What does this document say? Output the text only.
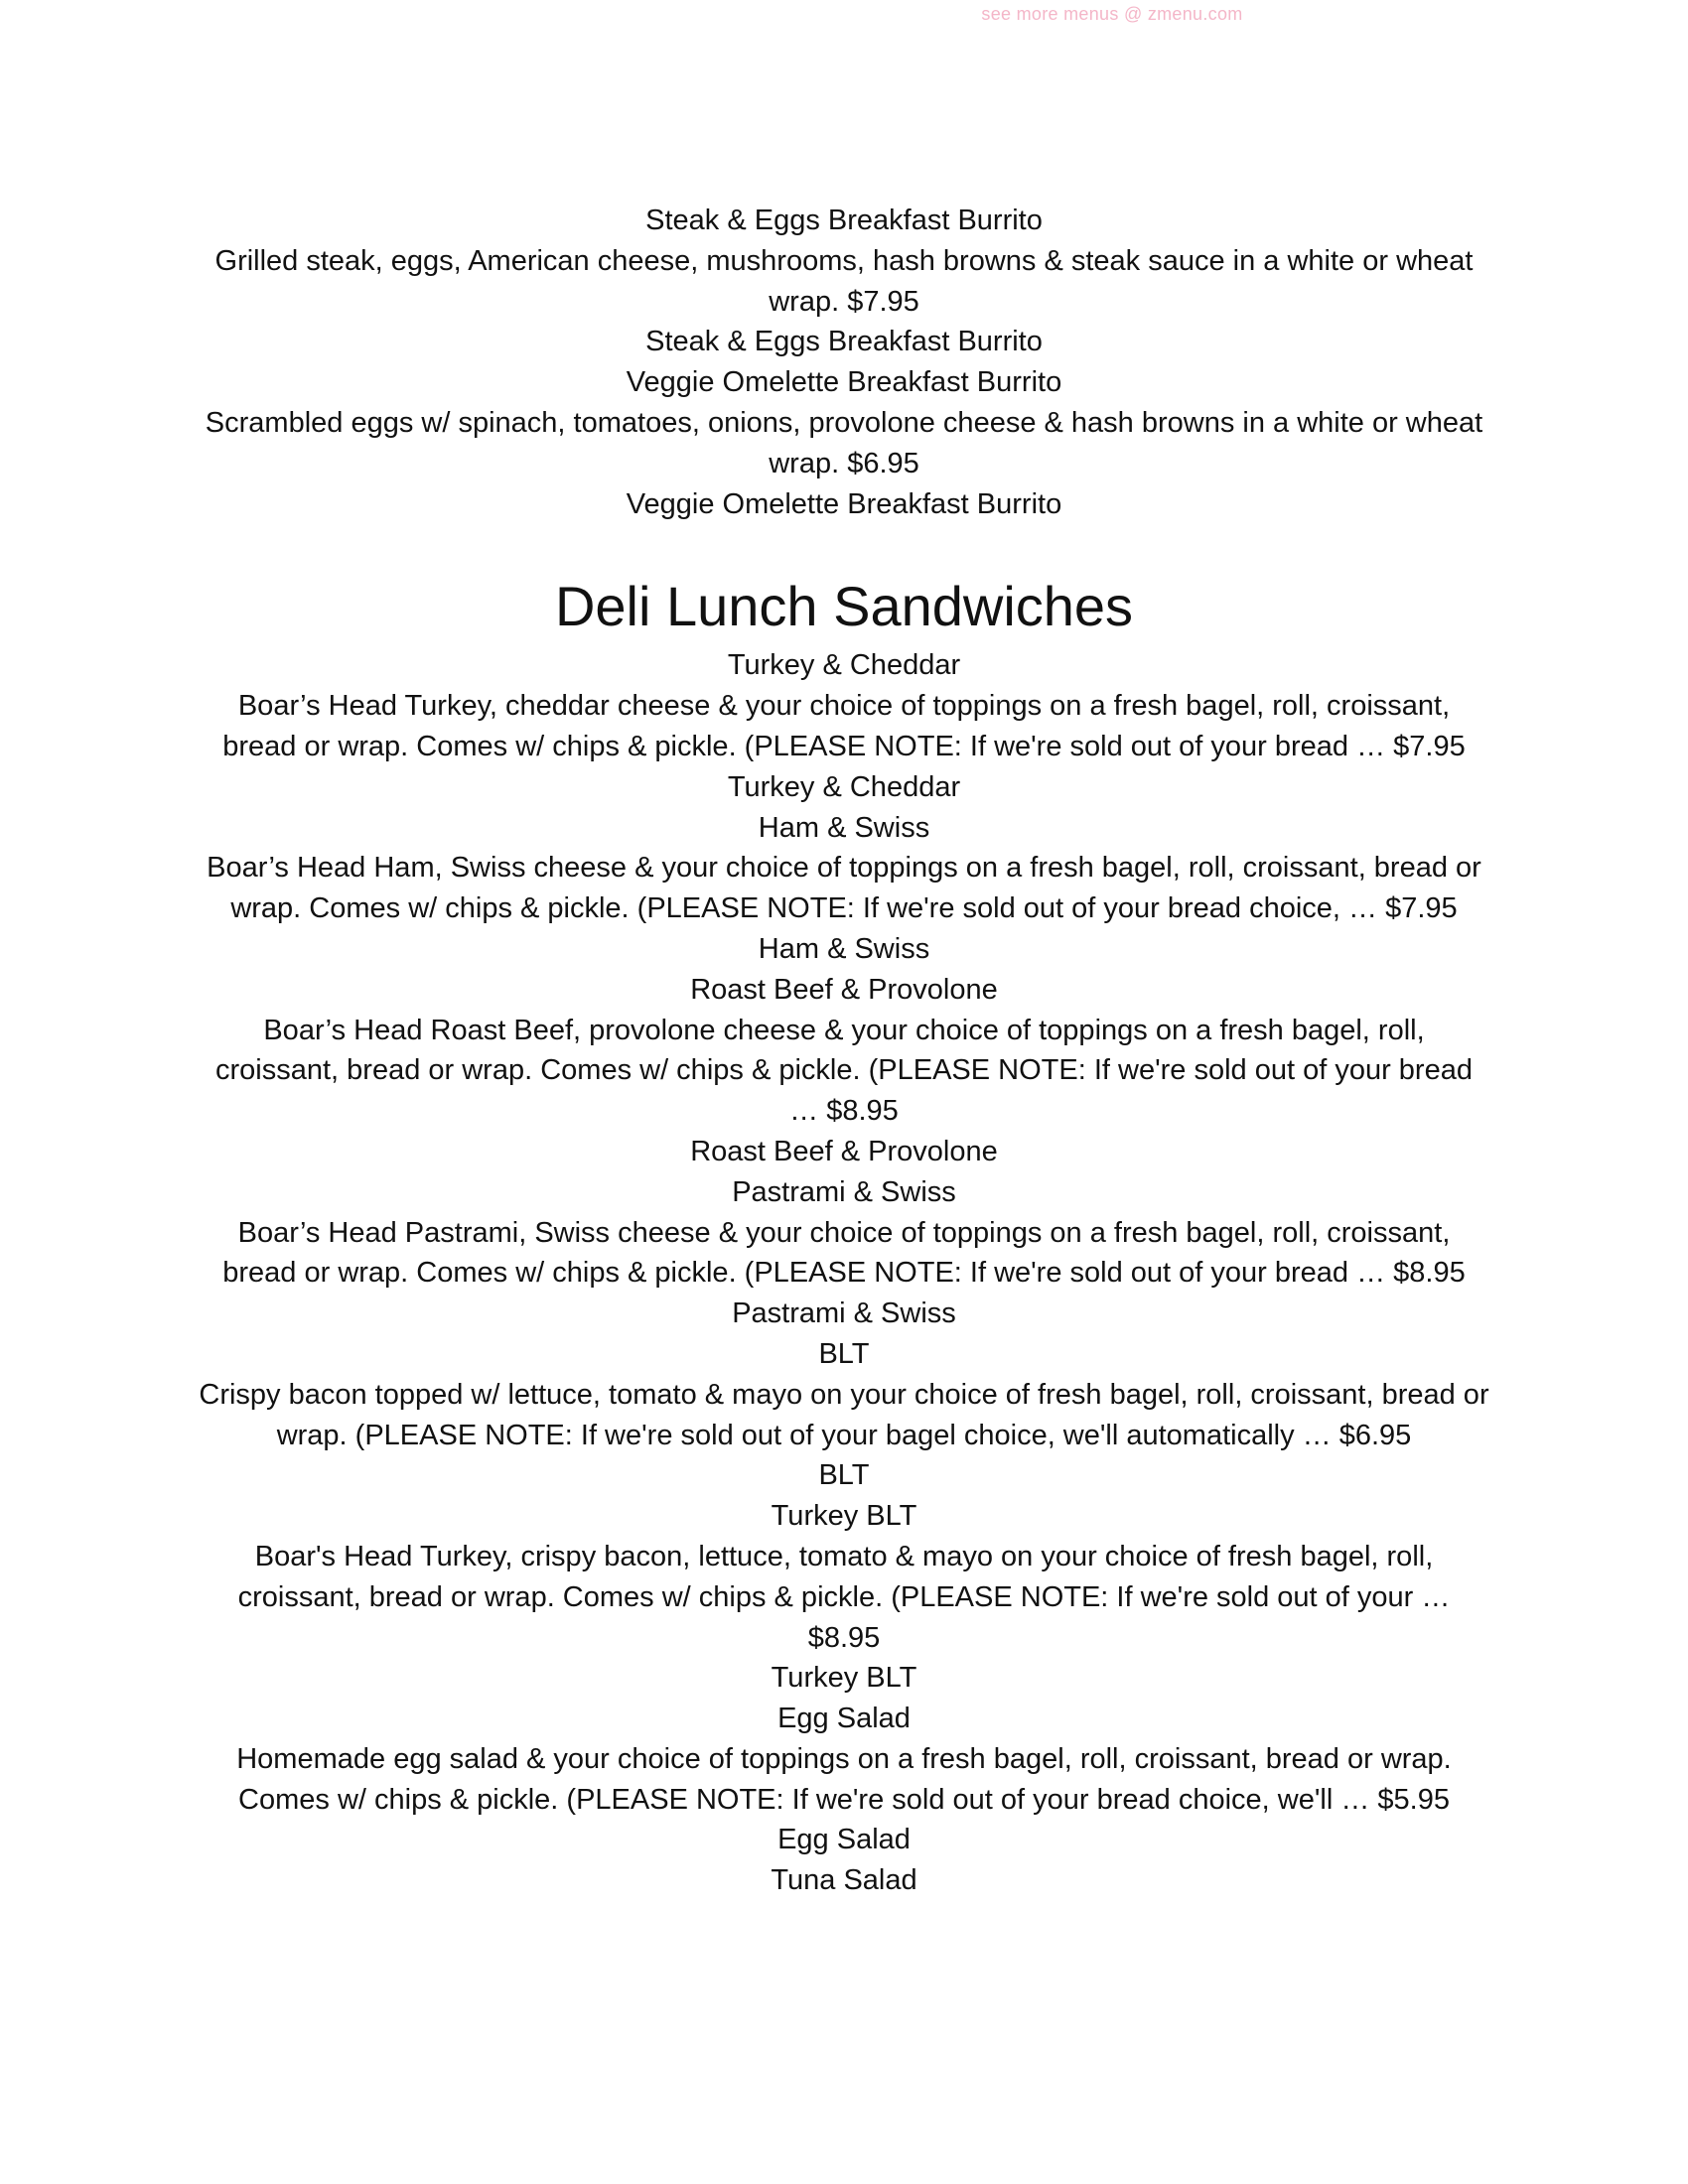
see more menus @ zmenu.com

Steak & Eggs Breakfast Burrito

Grilled steak, eggs, American cheese, mushrooms, hash browns & steak sauce in a white or wheat wrap. $7.95

Steak & Eggs Breakfast Burrito

Veggie Omelette Breakfast Burrito

Scrambled eggs w/ spinach, tomatoes, onions, provolone cheese & hash browns in a white or wheat wrap. $6.95

Veggie Omelette Breakfast Burrito

Deli Lunch Sandwiches

Turkey & Cheddar

Boar’s Head Turkey, cheddar cheese & your choice of toppings on a fresh bagel, roll, croissant, bread or wrap. Comes w/ chips & pickle. (PLEASE NOTE: If we're sold out of your bread … $7.95

Turkey & Cheddar

Ham & Swiss

Boar’s Head Ham, Swiss cheese & your choice of toppings on a fresh bagel, roll, croissant, bread or wrap. Comes w/ chips & pickle. (PLEASE NOTE: If we're sold out of your bread choice, … $7.95

Ham & Swiss

Roast Beef & Provolone

Boar’s Head Roast Beef, provolone cheese & your choice of toppings on a fresh bagel, roll, croissant, bread or wrap. Comes w/ chips & pickle. (PLEASE NOTE: If we're sold out of your bread … $8.95

Roast Beef & Provolone

Pastrami & Swiss

Boar’s Head Pastrami, Swiss cheese & your choice of toppings on a fresh bagel, roll, croissant, bread or wrap. Comes w/ chips & pickle. (PLEASE NOTE: If we're sold out of your bread … $8.95

Pastrami & Swiss

BLT

Crispy bacon topped w/ lettuce, tomato & mayo on your choice of fresh bagel, roll, croissant, bread or wrap. (PLEASE NOTE: If we're sold out of your bagel choice, we'll automatically … $6.95

BLT

Turkey BLT

Boar's Head Turkey, crispy bacon, lettuce, tomato & mayo on your choice of fresh bagel, roll, croissant, bread or wrap. Comes w/ chips & pickle. (PLEASE NOTE: If we're sold out of your … $8.95

Turkey BLT

Egg Salad

Homemade egg salad & your choice of toppings on a fresh bagel, roll, croissant, bread or wrap. Comes w/ chips & pickle. (PLEASE NOTE: If we're sold out of your bread choice, we'll … $5.95

Egg Salad

Tuna Salad
